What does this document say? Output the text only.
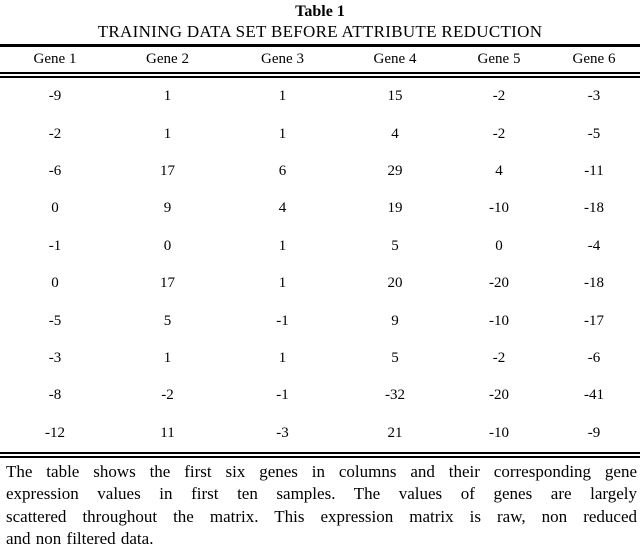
Table 1
TRAINING DATA SET BEFORE ATTRIBUTE REDUCTION
Gene 1	Gene 2	Gene 3	Gene 4	Gene 5	Gene 6
-9	1	1	15	-2	-3
-2	1	1	4	-2	-5
-6	17	6	29	4	-11
0	9	4	19	-10	-18
-1	0	1	5	0	-4
0	17	1	20	-20	-18
-5	5	-1	9	-10	-17
-3	1	1	5	-2	-6
-8	-2	-1	-32	-20	-41
-12	11	-3	21	-10	-9
The table shows the first six genes in columns and their corresponding gene
expression values in first ten samples. The values of genes are largely
scattered throughout the matrix. This expression matrix is raw, non reduced
and non filtered data.
